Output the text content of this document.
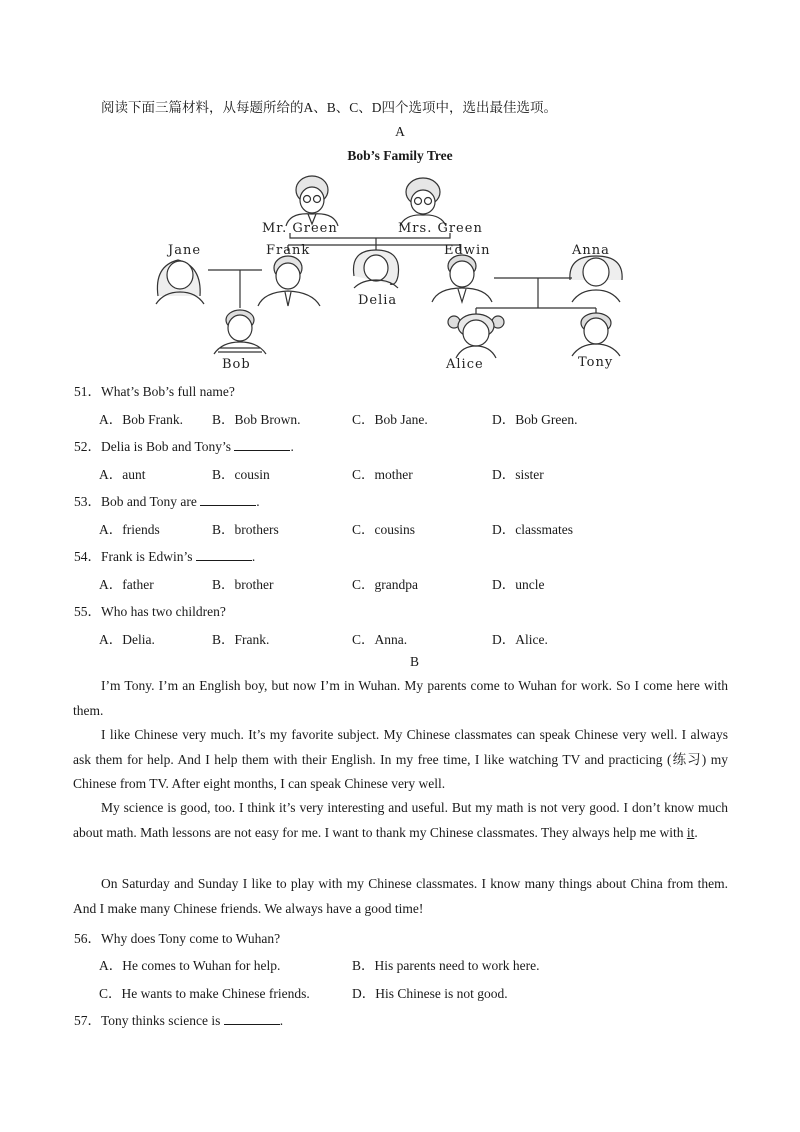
阅读下面三篇材料，从每题所给的A、B、C、D四个选项中，选出最佳选项。
A
Bob’s Family Tree
Mr. Green	Mrs. Green
Jane	Frank
Delia
Edwin	Anna
Bob	Alice	Tony
51．What’s Bob’s full name?
A．Bob Frank. B．Bob Brown.	C．Bob Jane.	D．Bob Green.
52．Delia is Bob and Tony’s	.
A．aunt	B．cousin	C．mother	D．sister
53．Bob and Tony are	.
A．friends	B．brothers	C．cousins	D．classmates
54．Frank is Edwin’s	.
A．father	B．brother	C．grandpa	D．uncle
55．Who has two children?
A．Delia.	B．Frank.	C．Anna.	D．Alice.
B
I’m Tony. I’m an English boy, but now I’m in Wuhan. My parents come to Wuhan for work. So I come here with them.
I like Chinese very much. It’s my favorite subject. My Chinese classmates can speak Chinese very well. I always ask them for help. And I help them with their English. In my free time, I like watching TV and practicing (练习) my Chinese from TV. After eight months, I can speak Chinese very well.
My science is good, too. I think it’s very interesting and useful. But my math is not very good. I don’t know much about math. Math lessons are not easy for me. I want to thank my Chinese classmates. They always help me with it.
On Saturday and Sunday I like to play with my Chinese classmates. I know many things about China from them. And I make many Chinese friends. We always have a good time!
56．Why does Tony come to Wuhan?
A．He comes to Wuhan for help.	B．His parents need to work here.
C．He wants to make Chinese friends.	D．His Chinese is not good.
57．Tony thinks science is	.
